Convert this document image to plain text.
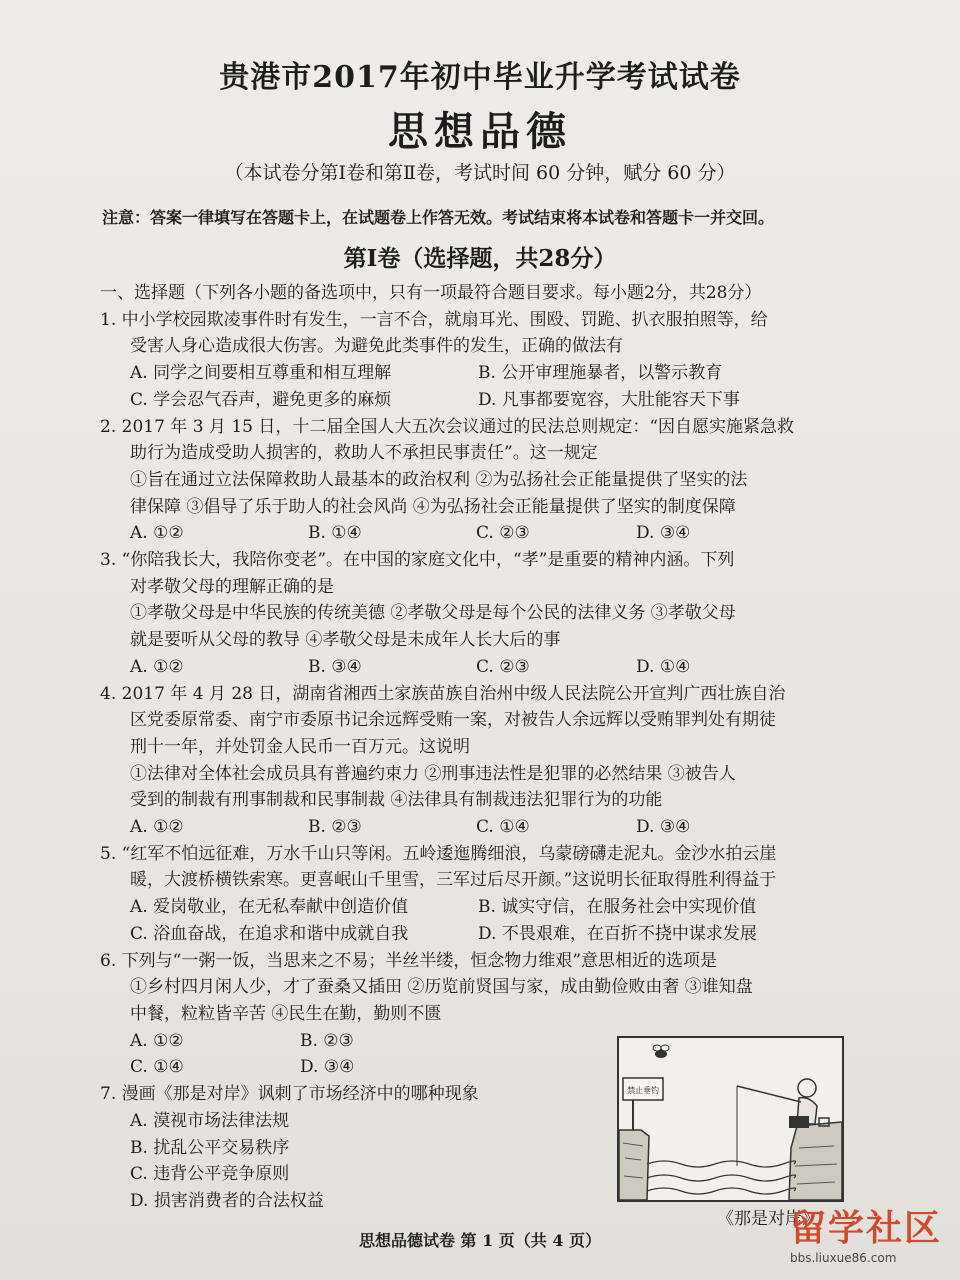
贵港市2017年初中毕业升学考试试卷
思想品德
（本试卷分第Ⅰ卷和第Ⅱ卷，考试时间 60 分钟，赋分 60 分）
注意：答案一律填写在答题卡上，在试题卷上作答无效。考试结束将本试卷和答题卡一并交回。
第Ⅰ卷（选择题，共28分）
一、选择题（下列各小题的备选项中，只有一项最符合题目要求。每小题2分，共28分）
1. 中小学校园欺凌事件时有发生，一言不合，就扇耳光、围殴、罚跪、扒衣服拍照等，给
受害人身心造成很大伤害。为避免此类事件的发生，正确的做法有
A. 同学之间要相互尊重和相互理解	B. 公开审理施暴者，以警示教育
C. 学会忍气吞声，避免更多的麻烦	D. 凡事都要宽容，大肚能容天下事
2. 2017 年 3 月 15 日，十二届全国人大五次会议通过的民法总则规定：“因自愿实施紧急救
助行为造成受助人损害的，救助人不承担民事责任”。这一规定
①旨在通过立法保障救助人最基本的政治权利 ②为弘扬社会正能量提供了坚实的法
律保障 ③倡导了乐于助人的社会风尚 ④为弘扬社会正能量提供了坚实的制度保障
A. ①②	B. ①④	C. ②③	D. ③④
3. “你陪我长大，我陪你变老”。在中国的家庭文化中，“孝”是重要的精神内涵。下列
对孝敬父母的理解正确的是
①孝敬父母是中华民族的传统美德 ②孝敬父母是每个公民的法律义务 ③孝敬父母
就是要听从父母的教导 ④孝敬父母是未成年人长大后的事
A. ①②	B. ③④	C. ②③	D. ①④
4. 2017 年 4 月 28 日，湖南省湘西土家族苗族自治州中级人民法院公开宣判广西壮族自治
区党委原常委、南宁市委原书记余远辉受贿一案，对被告人余远辉以受贿罪判处有期徒
刑十一年，并处罚金人民币一百万元。这说明
①法律对全体社会成员具有普遍约束力 ②刑事违法性是犯罪的必然结果 ③被告人
受到的制裁有刑事制裁和民事制裁 ④法律具有制裁违法犯罪行为的功能
A. ①②	B. ②③	C. ①④	D. ③④
5. “红军不怕远征难，万水千山只等闲。五岭逶迤腾细浪，乌蒙磅礴走泥丸。金沙水拍云崖
暖，大渡桥横铁索寒。更喜岷山千里雪，三军过后尽开颜。”这说明长征取得胜利得益于
A. 爱岗敬业，在无私奉献中创造价值	B. 诚实守信，在服务社会中实现价值
C. 浴血奋战，在追求和谐中成就自我	D. 不畏艰难，在百折不挠中谋求发展
6. 下列与“一粥一饭，当思来之不易；半丝半缕，恒念物力维艰”意思相近的选项是
①乡村四月闲人少，才了蚕桑又插田 ②历览前贤国与家，成由勤俭败由奢 ③谁知盘
中餐，粒粒皆辛苦 ④民生在勤，勤则不匮
A. ①②	B. ②③
C. ①④	D. ③④
7. 漫画《那是对岸》讽刺了市场经济中的哪种现象
A. 漠视市场法律法规
B. 扰乱公平交易秩序
C. 违背公平竞争原则
D. 损害消费者的合法权益
禁止垂钓
《那是对岸》
思想品德试卷 第 1 页（共 4 页）	留学社区
bbs.liuxue86.com
